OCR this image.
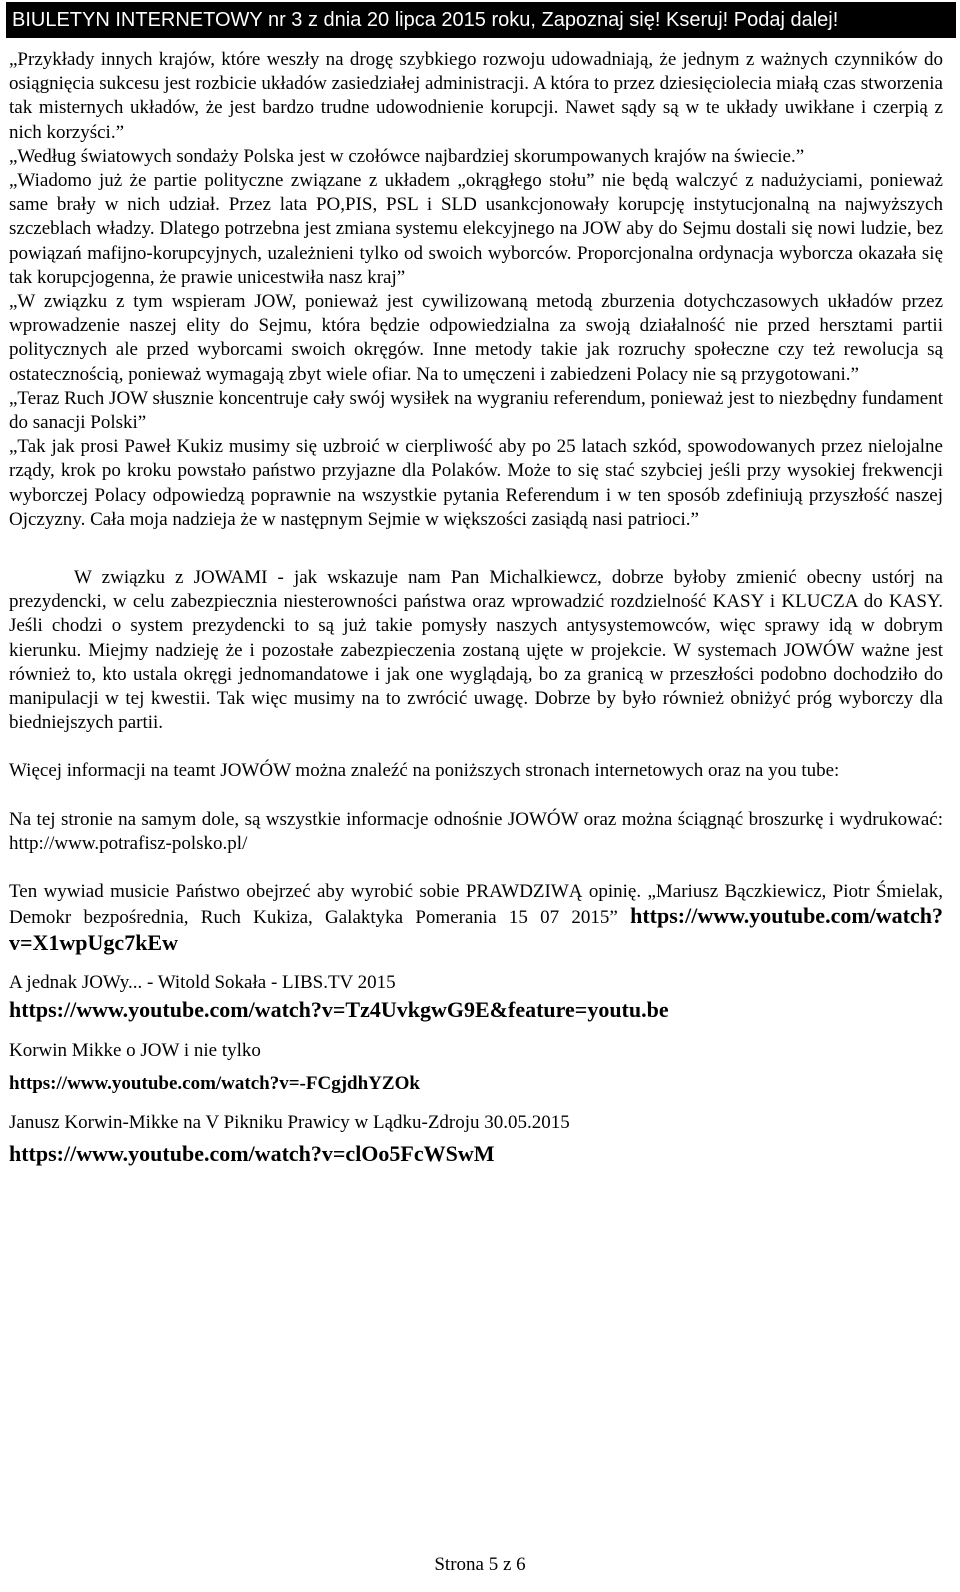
BIULETYN INTERNETOWY nr 3 z dnia 20 lipca 2015 roku, Zapoznaj się! Kseruj! Podaj dalej!

„Przykłady innych krajów, które weszły na drogę szybkiego rozwoju udowadniają, że jednym z ważnych czynników do osiągnięcia sukcesu jest rozbicie układów zasiedziałej administracji. A która to przez dziesięciolecia miałą czas stworzenia tak misternych układów, że jest bardzo trudne udowodnienie korupcji. Nawet sądy są w te układy uwikłane i czerpią z nich korzyści.”

„Według światowych sondaży Polska jest w czołówce najbardziej skorumpowanych krajów na świecie.”

„Wiadomo już że partie polityczne związane z układem „okrągłego stołu” nie będą walczyć z nadużyciami, ponieważ same brały w nich udział. Przez lata PO,PIS, PSL i SLD usankcjonowały korupcję instytucjonalną na najwyższych szczeblach władzy. Dlatego potrzebna jest zmiana systemu elekcyjnego na JOW aby do Sejmu dostali się nowi ludzie, bez powiązań mafijno-korupcyjnych, uzależnieni tylko od swoich wyborców. Proporcjonalna ordynacja wyborcza okazała się tak korupcjogenna, że prawie unicestwiła nasz kraj”

„W związku z tym wspieram JOW, ponieważ jest cywilizowaną metodą zburzenia dotychczasowych układów przez wprowadzenie naszej elity do Sejmu, która będzie odpowiedzialna za swoją działalność nie przed hersztami partii politycznych ale przed wyborcami swoich okręgów. Inne metody takie jak rozruchy społeczne czy też rewolucja są ostatecznością, ponieważ wymagają zbyt wiele ofiar. Na to umęczeni i zabiedzeni Polacy nie są przygotowani.”

„Teraz Ruch JOW słusznie koncentruje cały swój wysiłek na wygraniu referendum, ponieważ jest to niezbędny fundament do sanacji Polski”

„Tak jak prosi Paweł Kukiz musimy się uzbroić w cierpliwość aby po 25 latach szkód, spowodowanych przez nielojalne rządy, krok po kroku powstało państwo przyjazne dla Polaków. Może to się stać szybciej jeśli przy wysokiej frekwencji wyborczej Polacy odpowiedzą poprawnie na wszystkie pytania Referendum i w ten sposób zdefiniują przyszłość naszej Ojczyzny. Cała moja nadzieja że w następnym Sejmie w większości zasiądą nasi patrioci.”

W związku z JOWAMI - jak wskazuje nam Pan Michalkiewcz, dobrze byłoby zmienić obecny ustórj na prezydencki, w celu zabezpiecznia niesterowności państwa oraz wprowadzić rozdzielność KASY i KLUCZA do KASY. Jeśli chodzi o system prezydencki to są już takie pomysły naszych antysystemowców, więc sprawy idą w dobrym kierunku. Miejmy nadzieję że i pozostałe zabezpieczenia zostaną ujęte w projekcie. W systemach JOWÓW ważne jest również to, kto ustala okręgi jednomandatowe i jak one wyglądają, bo za granicą w przeszłości podobno dochodziło do manipulacji w tej kwestii. Tak więc musimy na to zwrócić uwagę. Dobrze by było również obniżyć próg wyborczy dla biedniejszych partii.

Więcej informacji na teamt JOWÓW można znaleźć na poniższych stronach internetowych oraz na you tube:

Na tej stronie na samym dole, są wszystkie informacje odnośnie JOWÓW oraz można ściągnąć broszurkę i wydrukować: http://www.potrafisz-polsko.pl/

Ten wywiad musicie Państwo obejrzeć aby wyrobić sobie PRAWDZIWĄ opinię. „Mariusz Bączkiewicz, Piotr Śmielak, Demokr bezpośrednia, Ruch Kukiza, Galaktyka Pomerania 15 07 2015” https://www.youtube.com/watch?v=X1wpUgc7kEw

A jednak JOWy... - Witold Sokała - LIBS.TV 2015

https://www.youtube.com/watch?v=Tz4UvkgwG9E&feature=youtu.be

Korwin Mikke o JOW i nie tylko

https://www.youtube.com/watch?v=-FCgjdhYZOk

Janusz Korwin-Mikke na V Pikniku Prawicy w Lądku-Zdroju 30.05.2015

https://www.youtube.com/watch?v=clOo5FcWSwM

Strona 5 z 6
